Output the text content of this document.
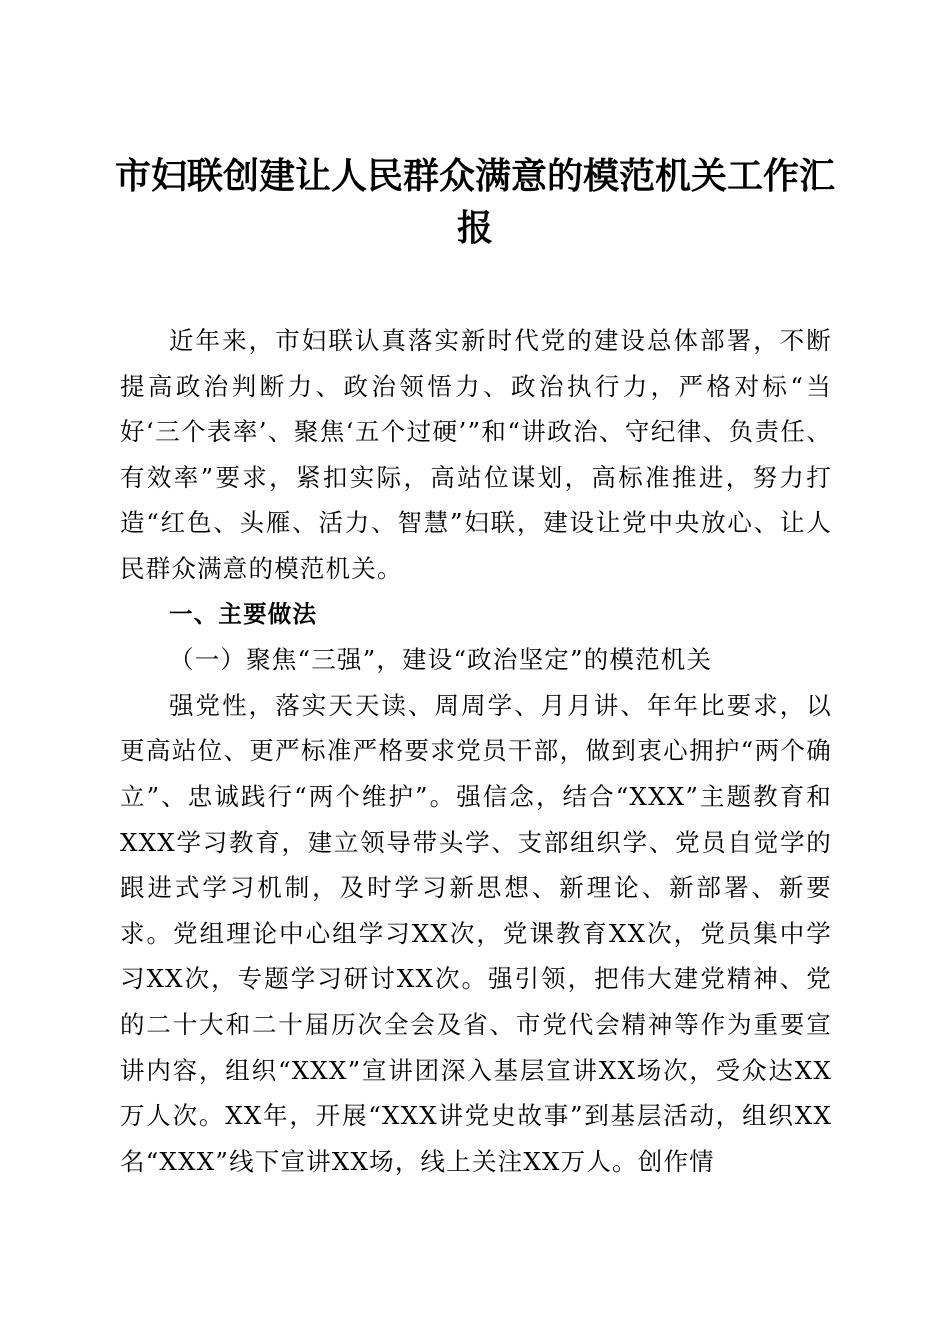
市妇联创建让人民群众满意的模范机关工作汇报

近年来，市妇联认真落实新时代党的建设总体部署，不断提高政治判断力、政治领悟力、政治执行力，严格对标“当好‘三个表率’、聚焦‘五个过硬’”和“讲政治、守纪律、负责任、有效率”要求，紧扣实际，高站位谋划，高标准推进，努力打造“红色、头雁、活力、智慧”妇联，建设让党中央放心、让人民群众满意的模范机关。

一、主要做法

（一）聚焦“三强”，建设“政治坚定”的模范机关

强党性，落实天天读、周周学、月月讲、年年比要求，以更高站位、更严标准严格要求党员干部，做到衷心拥护“两个确立”、忠诚践行“两个维护”。强信念，结合“XXX”主题教育和XXX学习教育，建立领导带头学、支部组织学、党员自觉学的跟进式学习机制，及时学习新思想、新理论、新部署、新要求。党组理论中心组学习XX次，党课教育XX次，党员集中学习XX次，专题学习研讨XX次。强引领，把伟大建党精神、党的二十大和二十届历次全会及省、市党代会精神等作为重要宣讲内容，组织“XXX”宣讲团深入基层宣讲XX场次，受众达XX万人次。XX年，开展“XXX讲党史故事”到基层活动，组织XX名“XXX”线下宣讲XX场，线上关注XX万人。创作情
